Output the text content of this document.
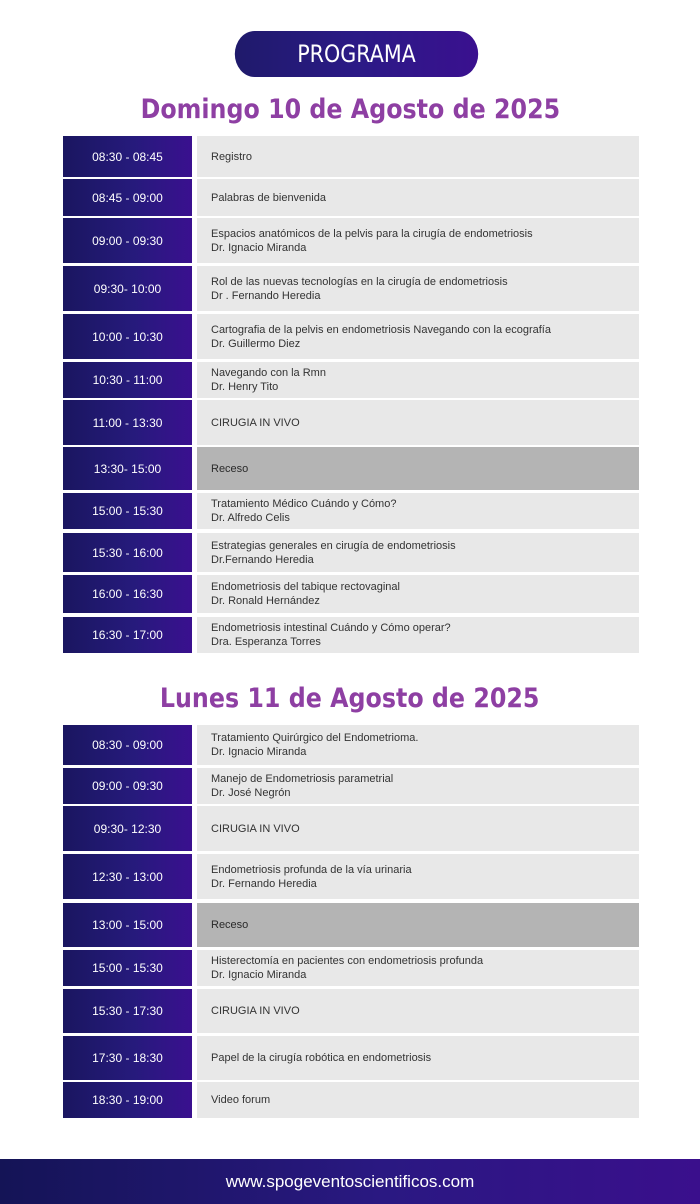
PROGRAMA
Domingo 10 de Agosto de 2025
08:30 - 08:45	Registro
08:45 - 09:00	Palabras de bienvenida
09:00 - 09:30	Espacios anatómicos de la pelvis para la cirugía de endometriosis
Dr. Ignacio Miranda
09:30- 10:00	Rol de las nuevas tecnologías en la cirugía de endometriosis
Dr . Fernando Heredia
10:00 - 10:30	Cartografia de la pelvis en endometriosis Navegando con la ecografía
Dr. Guillermo Diez
10:30 - 11:00	Navegando con la Rmn
Dr. Henry Tito
11:00 - 13:30	CIRUGIA IN VIVO
13:30- 15:00	Receso
15:00 - 15:30	Tratamiento Médico Cuándo y Cómo?
Dr. Alfredo Celis
15:30 - 16:00	Estrategias generales en cirugía de endometriosis
Dr.Fernando Heredia
16:00 - 16:30	Endometriosis del tabique rectovaginal
Dr. Ronald Hernández
16:30 - 17:00	Endometriosis intestinal Cuándo y Cómo operar?
Dra. Esperanza Torres
Lunes 11 de Agosto de 2025
08:30 - 09:00	Tratamiento Quirúrgico del Endometrioma.
Dr. Ignacio Miranda
09:00 - 09:30	Manejo de Endometriosis parametrial
Dr. José Negrón
09:30- 12:30	CIRUGIA IN VIVO
12:30 - 13:00	Endometriosis profunda de la vía urinaria
Dr. Fernando Heredia
13:00 - 15:00	Receso
15:00 - 15:30	Histerectomía en pacientes con endometriosis profunda
Dr. Ignacio Miranda
15:30 - 17:30	CIRUGIA IN VIVO
17:30 - 18:30	Papel de la cirugía robótica en endometriosis
18:30 - 19:00	Video forum
www.spogeventoscientificos.com
